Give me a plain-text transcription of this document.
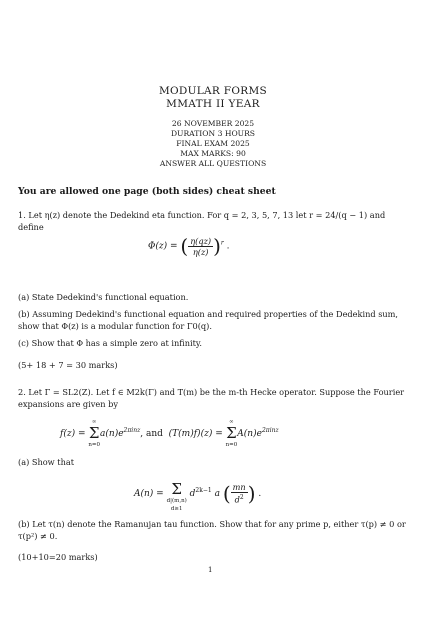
MODULAR FORMS
MMATH II YEAR
26 NOVEMBER 2025
DURATION 3 HOURS
FINAL EXAM 2025
MAX MARKS: 90
ANSWER ALL QUESTIONS
You are allowed one page (both sides) cheat sheet
1. Let η(z) denote the Dedekind eta function. For q = 2, 3, 5, 7, 13 let r = 24/(q − 1) and define
Φ(z) = ( $\frac{\eta(qz)}{\eta(z)} )^r$ .
(a) State Dedekind's functional equation.
(b) Assuming Dedekind's functional equation and required properties of the Dedekind sum, show that Φ(z) is a modular function for Γ0(q).
(c) Show that Φ has a simple zero at infinity.
(5+ 18 + 7 = 30 marks)
2. Let Γ = SL2(Z). Let f ∈ M2k(Γ) and T(m) be the m-th Hecke operator. Suppose the Fourier expansions are given by
f(z) =
∞
Σ
n=0
$a(n)e^{2\pi inz}$, and (T(m)f)(z) =
∞
Σ
n=0
$A(n)e^{2\pi inz}$
(a) Show that
A(n) =
Σ
d|(m,n)
d≥1
$d^{2k-1}$ a ( $\frac{mn}{d^2}$ ) .
(b) Let τ(n) denote the Ramanujan tau function. Show that for any prime p, either τ(p) ≠ 0 or τ(p²) ≠ 0.
(10+10=20 marks)
1
